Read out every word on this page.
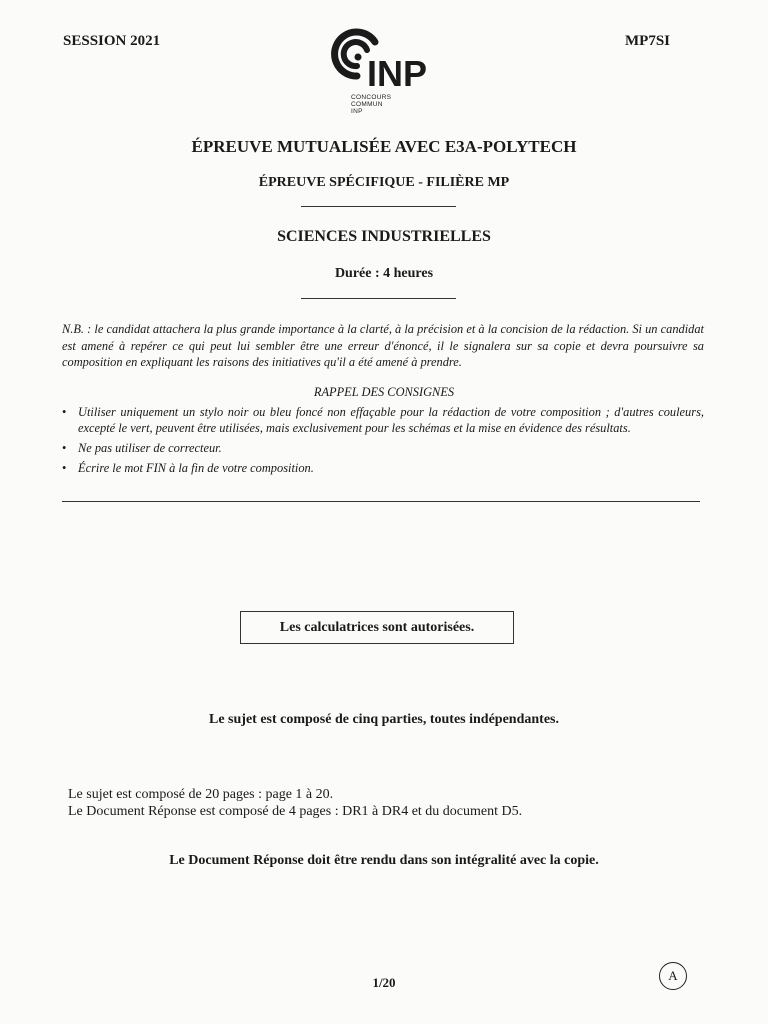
SESSION 2021	MP7SI
INP
CONCOURS
COMMUN
INP
ÉPREUVE MUTUALISÉE AVEC E3A-POLYTECH
ÉPREUVE SPÉCIFIQUE - FILIÈRE MP
SCIENCES INDUSTRIELLES
Durée : 4 heures
N.B. : le candidat attachera la plus grande importance à la clarté, à la précision et à la concision de la rédaction. Si un candidat est amené à repérer ce qui peut lui sembler être une erreur d'énoncé, il le signalera sur sa copie et devra poursuivre sa composition en expliquant les raisons des initiatives qu'il a été amené à prendre.
RAPPEL DES CONSIGNES
• Utiliser uniquement un stylo noir ou bleu foncé non effaçable pour la rédaction de votre composition ; d'autres couleurs, excepté le vert, peuvent être utilisées, mais exclusivement pour les schémas et la mise en évidence des résultats.
• Ne pas utiliser de correcteur.
• Écrire le mot FIN à la fin de votre composition.
Les calculatrices sont autorisées.
Le sujet est composé de cinq parties, toutes indépendantes.
Le sujet est composé de 20 pages : page 1 à 20.
Le Document Réponse est composé de 4 pages : DR1 à DR4 et du document D5.
Le Document Réponse doit être rendu dans son intégralité avec la copie.
1/20	A
